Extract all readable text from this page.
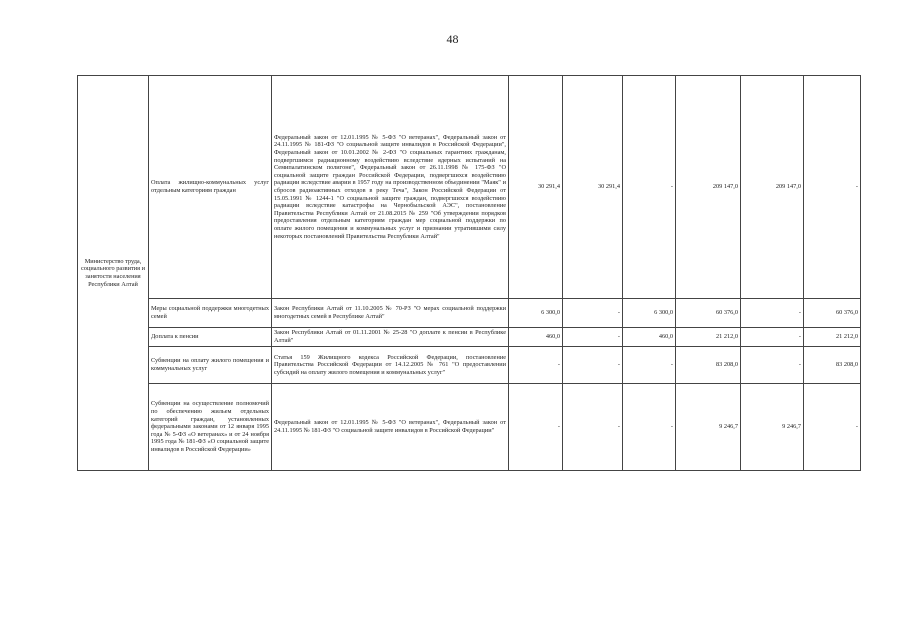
48
Министерство труда, социального развития и занятости населения Республики Алтай	Оплата жилищно-коммунальных услуг отдельным категориям граждан	Федеральный закон от 12.01.1995 № 5-ФЗ "О ветеранах", Федеральный закон от 24.11.1995 № 181-ФЗ "О социальной защите инвалидов в Российской Федерации", Федеральный закон от 10.01.2002 № 2-ФЗ "О социальных гарантиях гражданам, подвергшимся радиационному воздействию вследствие ядерных испытаний на Семипалатинском полигоне", Федеральный закон от 26.11.1998 № 175-ФЗ "О социальной защите граждан Российской Федерации, подвергшихся воздействию радиации вследствие аварии в 1957 году на производственном объединении "Маяк" и сбросов радиоактивных отходов в реку Теча", Закон Российской Федерации от 15.05.1991 № 1244-1 "О социальной защите граждан, подвергшихся воздействию радиации вследствие катастрофы на Чернобыльской АЭС", постановление Правительства Республики Алтай от 21.08.2015 № 259 "Об утверждении порядков предоставления отдельным категориям граждан мер социальной поддержки по оплате жилого помещения и коммунальных услуг и признании утратившими силу некоторых постановлений Правительства Республики Алтай"	30 291,4	30 291,4	-	209 147,0	209 147,0	-
	Меры социальной поддержки многодетных семей	Закон Республики Алтай от 11.10.2005 № 70-РЗ "О мерах социальной поддержки многодетных семей в Республике Алтай"	6 300,0	-	6 300,0	60 376,0	-	60 376,0
	Доплата к пенсии	Закон Республики Алтай от 01.11.2001 № 25-28 "О доплате к пенсии в Республике Алтай"	460,0	-	460,0	21 212,0	-	21 212,0
	Субвенции на оплату жилого помещения и коммунальных услуг	Статья 159 Жилищного кодекса Российской Федерации, постановление Правительства Российской Федерации от 14.12.2005 № 761 "О предоставлении субсидий на оплату жилого помещения и коммунальных услуг"	-	-	-	83 208,0	-	83 208,0
	Субвенции на осуществление полномочий по обеспечению жильем отдельных категорий граждан, установленных федеральными законами от 12 января 1995 года № 5-ФЗ «О ветеранах» и от 24 ноября 1995 года № 181-ФЗ «О социальной защите инвалидов в Российской Федерации»	Федеральный закон от 12.01.1995 № 5-ФЗ "О ветеранах", Федеральный закон от 24.11.1995 № 181-ФЗ "О социальной защите инвалидов в Российской Федерации"	-	-	-	9 246,7	9 246,7	-
